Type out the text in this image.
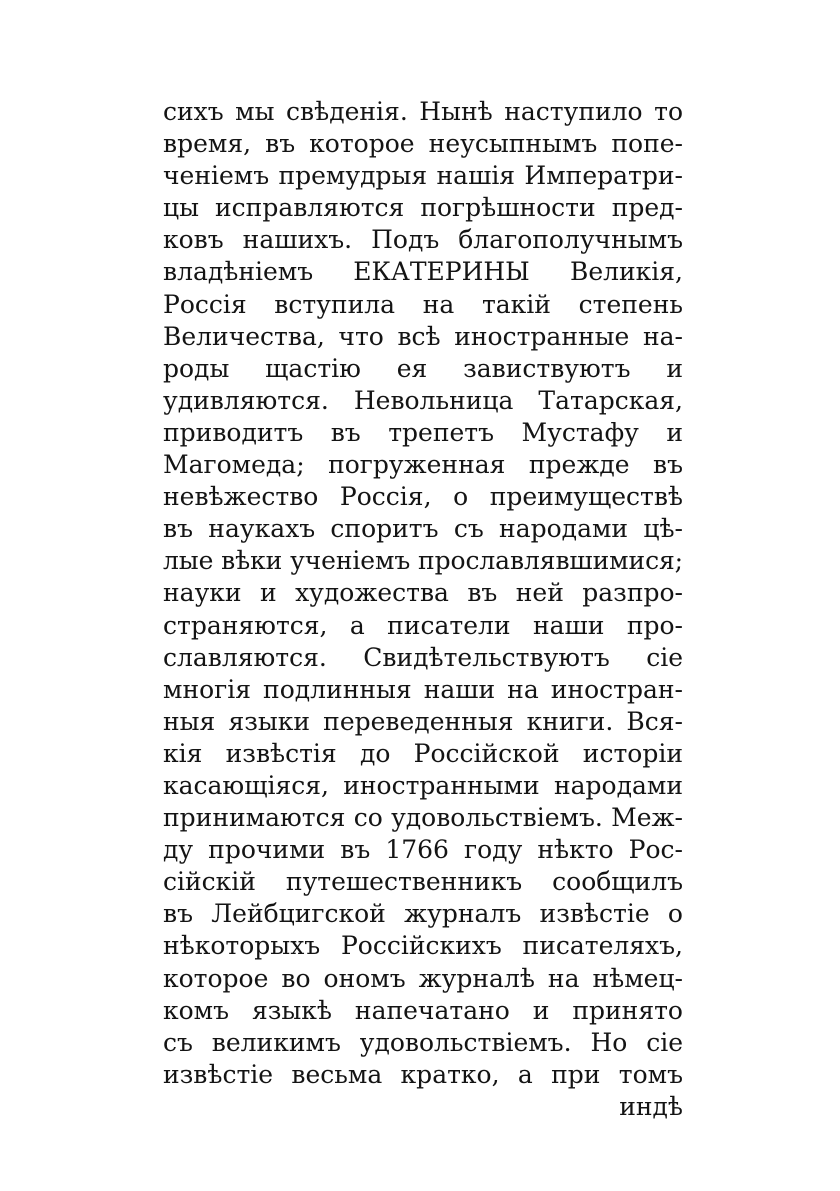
сихъ мы свѣденія. Нынѣ наступило то
время, въ которое неусыпнымъ попе-
ченіемъ премудрыя нашія Императри-
цы исправляются погрѣшности пред-
ковъ нашихъ. Подъ благополучнымъ
владѣніемъ ЕКАТЕРИНЫ Великія,
Россія вступила на такій степень
Величества, что всѣ иностранные на-
роды щастію ея завиствуютъ и
удивляются. Невольница Татарская,
приводитъ въ трепетъ Мустафу и
Магомеда; погруженная прежде въ
невѣжество Россія, о преимуществѣ
въ наукахъ споритъ съ народами цѣ-
лые вѣки ученіемъ прославлявшимися;
науки и художества въ ней разпро-
страняются, а писатели наши про-
славляются. Свидѣтельствуютъ сіе
многія подлинныя наши на иностран-
ныя языки переведенныя книги. Вся-
кія извѣстія до Россійской исторіи
касающіяся, иностранными народами
принимаются со удовольствіемъ. Меж-
ду прочими въ 1766 году нѣкто Рос-
сійскій путешественникъ сообщилъ
въ Лейбцигской журналъ извѣстіе о
нѣкоторыхъ Россійскихъ писателяхъ,
которое во ономъ журналѣ на нѣмец-
комъ языкѣ напечатано и принято
съ великимъ удовольствіемъ. Но сіе
извѣстіе весьма кратко, а при томъ
индѣ
